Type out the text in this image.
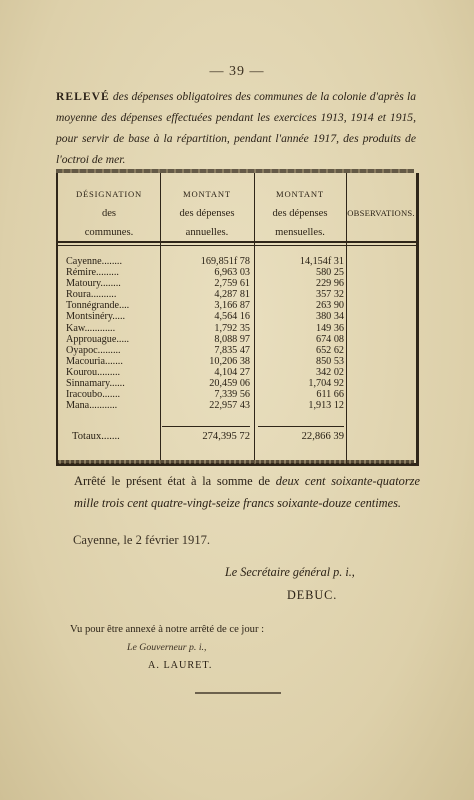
— 39 —
RELEVÉ des dépenses obligatoires des communes de la colonie d'après la moyenne des dépenses effectuées pendant les exercices 1913, 1914 et 1915, pour servir de base à la répartition, pendant l'année 1917, des produits de l'octroi de mer.
DÉSIGNATION
des
communes.
MONTANT
des dépenses
annuelles.
MONTANT
des dépenses
mensuelles.
OBSERVATIONS.
Cayenne........	169,851f 78	14,154f 31
Rémire.........	6,963 03	580 25
Matoury........	2,759 61	229 96
Roura..........	4,287 81	357 32
Tonnégrande....	3,166 87	263 90
Montsinéry.....	4,564 16	380 34
Kaw............	1,792 35	149 36
Approuague.....	8,088 97	674 08
Oyapoc.........	7,835 47	652 62
Macouria.......	10,206 38	850 53
Kourou.........	4,104 27	342 02
Sinnamary......	20,459 06	1,704 92
Iracoubo.......	7,339 56	611 66
Mana...........	22,957 43	1,913 12
Totaux.......	274,395 72	22,866 39
Arrêté le présent état à la somme de deux cent soixante-quatorze mille trois cent quatre-vingt-seize francs soixante-douze centimes.
Cayenne, le 2 février 1917.
Le Secrétaire général p. i.,
DEBUC.
Vu pour être annexé à notre arrêté de ce jour :
Le Gouverneur p. i.,
A. LAURET.
